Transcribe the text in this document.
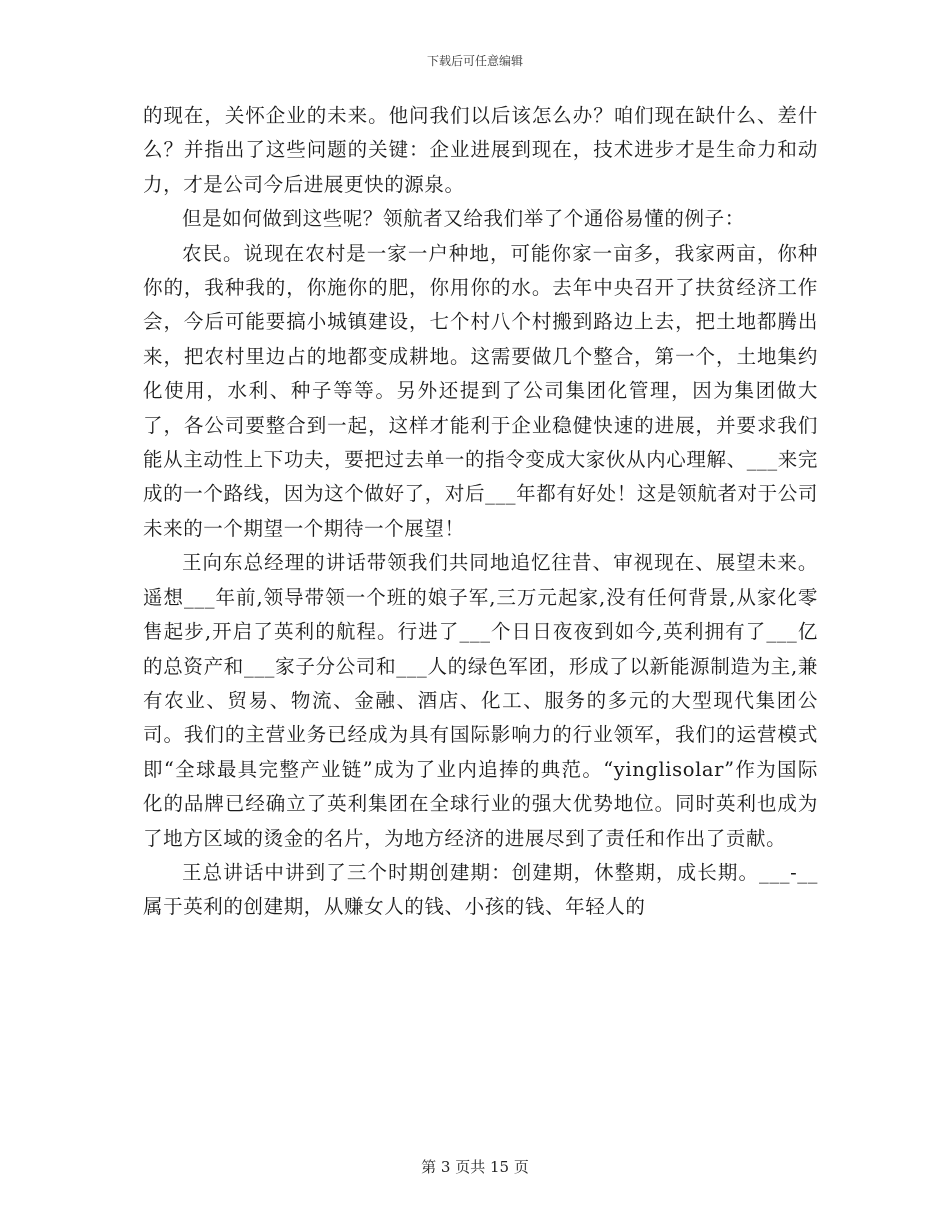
下载后可任意编辑

的现在，关怀企业的未来。他问我们以后该怎么办？咱们现在缺什么、差什么？并指出了这些问题的关键：企业进展到现在，技术进步才是生命力和动力，才是公司今后进展更快的源泉。

但是如何做到这些呢？领航者又给我们举了个通俗易懂的例子：

农民。说现在农村是一家一户种地，可能你家一亩多，我家两亩，你种你的，我种我的，你施你的肥，你用你的水。去年中央召开了扶贫经济工作会，今后可能要搞小城镇建设，七个村八个村搬到路边上去，把土地都腾出来，把农村里边占的地都变成耕地。这需要做几个整合，第一个，土地集约化使用，水利、种子等等。另外还提到了公司集团化管理，因为集团做大了，各公司要整合到一起，这样才能利于企业稳健快速的进展，并要求我们能从主动性上下功夫，要把过去单一的指令变成大家伙从内心理解、___来完成的一个路线，因为这个做好了，对后___年都有好处！这是领航者对于公司未来的一个期望一个期待一个展望！

王向东总经理的讲话带领我们共同地追忆往昔、审视现在、展望未来。遥想___年前,领导带领一个班的娘子军,三万元起家,没有任何背景,从家化零售起步,开启了英利的航程。行进了___个日日夜夜到如今,英利拥有了___亿的总资产和___家子分公司和___人的绿色军团，形成了以新能源制造为主,兼有农业、贸易、物流、金融、酒店、化工、服务的多元的大型现代集团公司。我们的主营业务已经成为具有国际影响力的行业领军，我们的运营模式即“全球最具完整产业链”成为了业内追捧的典范。“yinglisolar”作为国际化的品牌已经确立了英利集团在全球行业的强大优势地位。同时英利也成为了地方区域的烫金的名片，为地方经济的进展尽到了责任和作出了贡献。

王总讲话中讲到了三个时期创建期：创建期，休整期，成长期。___-__属于英利的创建期，从赚女人的钱、小孩的钱、年轻人的

第 3 页共 15 页
